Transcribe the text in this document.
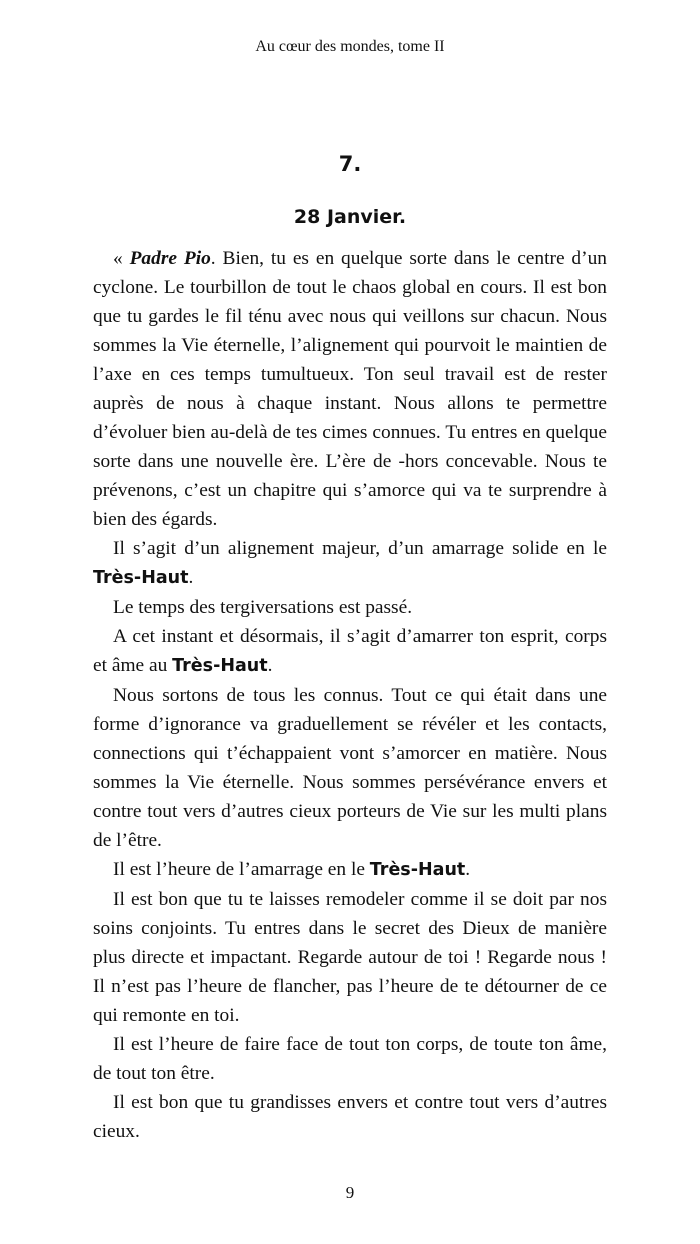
Au cœur des mondes, tome II
7.
28 Janvier.

« Padre Pio. Bien, tu es en quelque sorte dans le centre d’un cyclone. Le tourbillon de tout le chaos global en cours. Il est bon que tu gardes le fil ténu avec nous qui veillons sur chacun. Nous sommes la Vie éternelle, l’alignement qui pourvoit le maintien de l’axe en ces temps tumultueux. Ton seul travail est de rester auprès de nous à chaque instant. Nous allons te permettre d’évoluer bien au-delà de tes cimes connues. Tu entres en quelque sorte dans une nouvelle ère. L’ère de -hors concevable. Nous te prévenons, c’est un chapitre qui s’amorce qui va te surprendre à bien des égards.

Il s’agit d’un alignement majeur, d’un amarrage solide en le Très-Haut.

Le temps des tergiversations est passé.

A cet instant et désormais, il s’agit d’amarrer ton esprit, corps et âme au Très-Haut.

Nous sortons de tous les connus. Tout ce qui était dans une forme d’ignorance va graduellement se révéler et les contacts, connections qui t’échappaient vont s’amorcer en matière. Nous sommes la Vie éternelle. Nous sommes persévérance envers et contre tout vers d’autres cieux porteurs de Vie sur les multi plans de l’être.

Il est l’heure de l’amarrage en le Très-Haut.

Il est bon que tu te laisses remodeler comme il se doit par nos soins conjoints. Tu entres dans le secret des Dieux de manière plus directe et impactant. Regarde autour de toi ! Regarde nous ! Il n’est pas l’heure de flancher, pas l’heure de te détourner de ce qui remonte en toi.

Il est l’heure de faire face de tout ton corps, de toute ton âme, de tout ton être.

Il est bon que tu grandisses envers et contre tout vers d’autres cieux.

9
